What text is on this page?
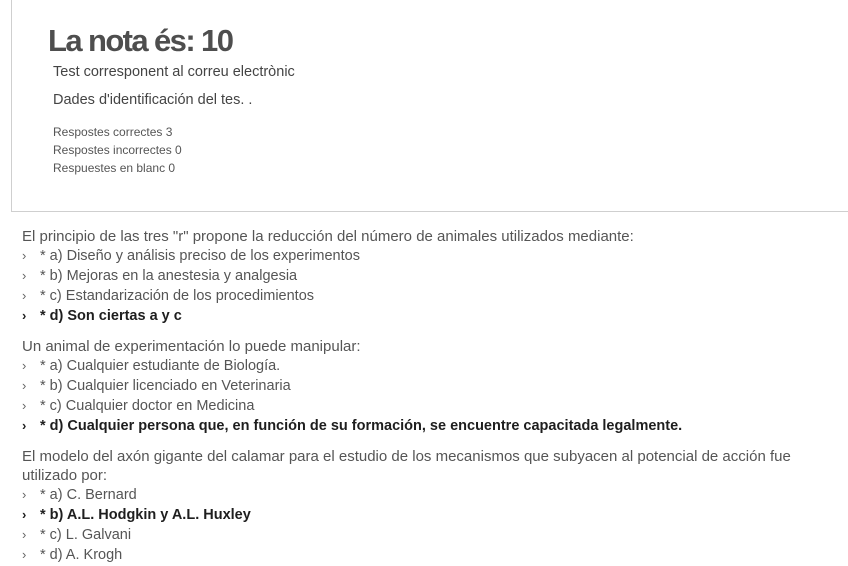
La nota és: 10
Test corresponent al correu electrònic
Dades d'identificación del tes. .
Respostes correctes 3
Respostes incorrectes 0
Respuestes en blanc 0
El principio de las tres "r" propone la reducción del número de animales utilizados mediante:
› * a) Diseño y análisis preciso de los experimentos
› * b) Mejoras en la anestesia y analgesia
› * c) Estandarización de los procedimientos
› * d) Son ciertas a y c
Un animal de experimentación lo puede manipular:
› * a) Cualquier estudiante de Biología.
› * b) Cualquier licenciado en Veterinaria
› * c) Cualquier doctor en Medicina
› * d) Cualquier persona que, en función de su formación, se encuentre capacitada legalmente.
El modelo del axón gigante del calamar para el estudio de los mecanismos que subyacen al potencial de acción fue utilizado por:
› * a) C. Bernard
› * b) A.L. Hodgkin y A.L. Huxley
› * c) L. Galvani
› * d) A. Krogh
